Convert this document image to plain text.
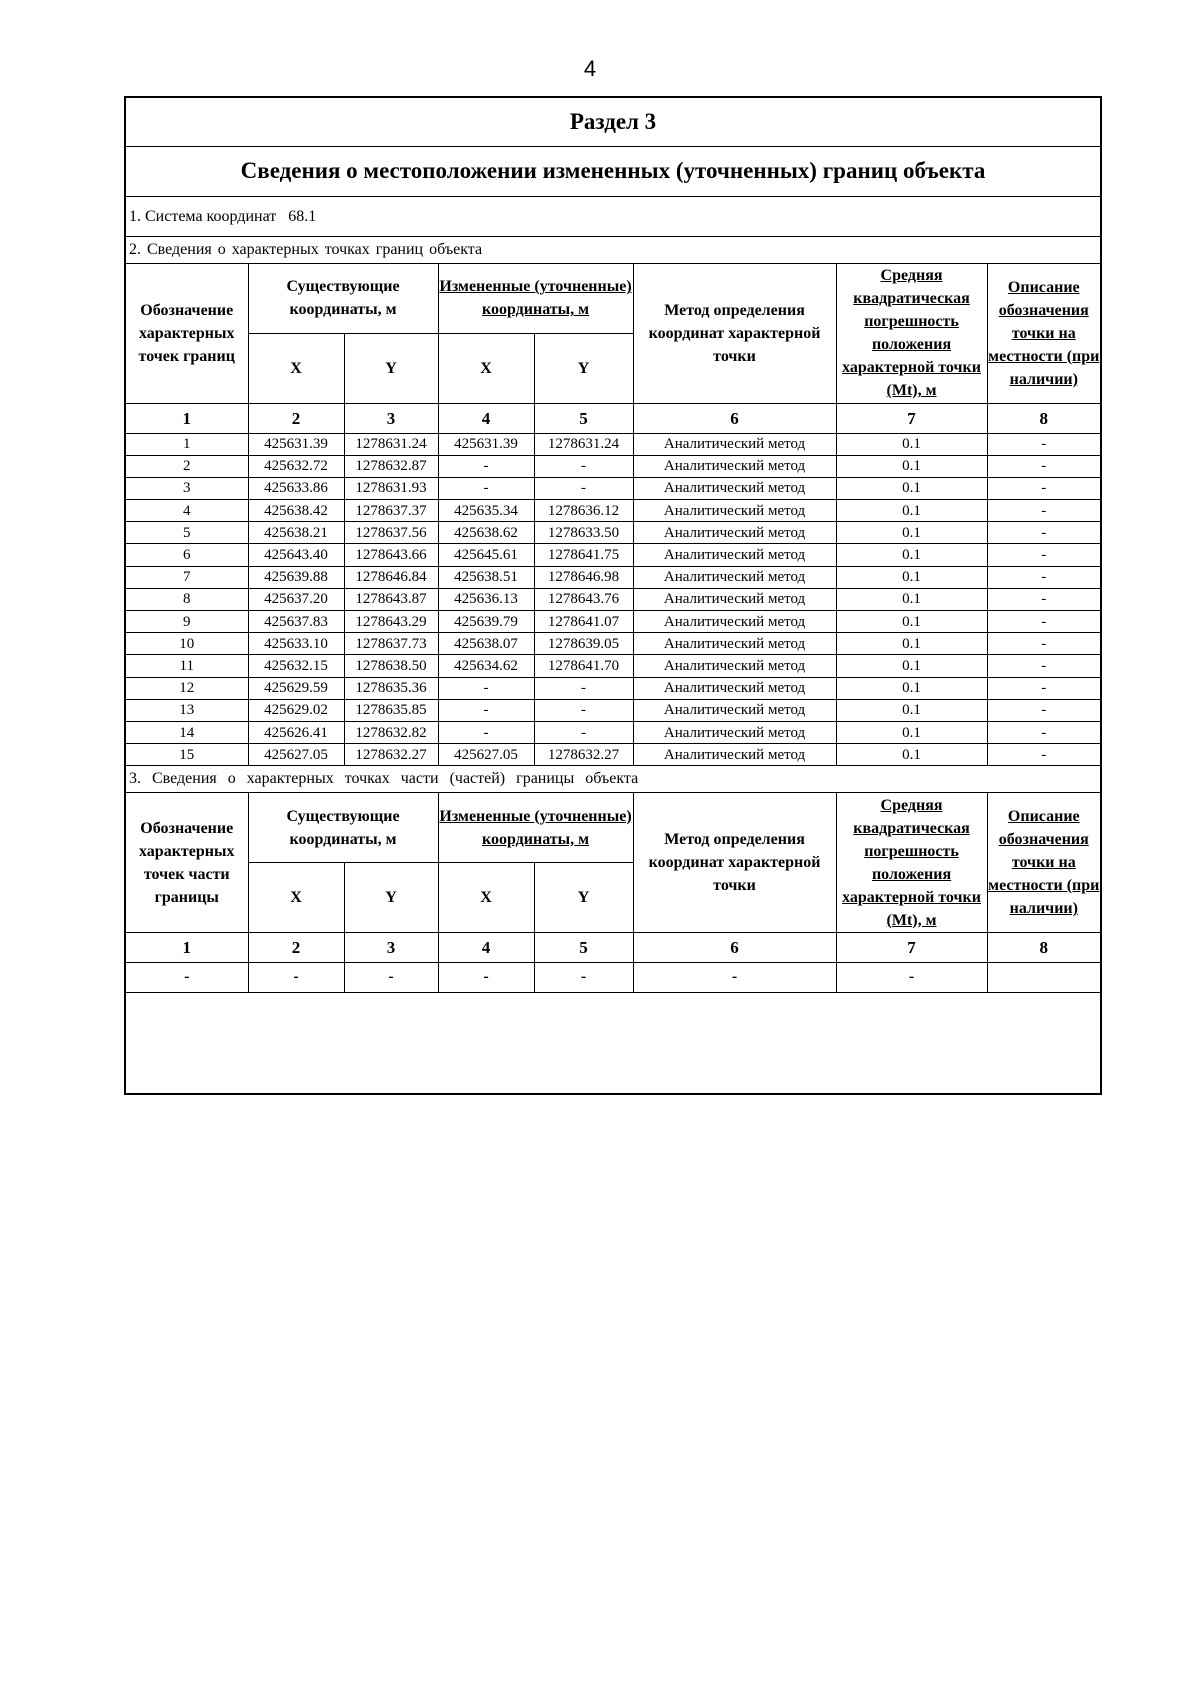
4
Раздел 3
Сведения о местоположении измененных (уточненных) границ объекта
1. Система координат 68.1
2. Сведения о характерных точках границ объекта
Обозначение характерных точек границ	Существующие координаты, м		Измененные (уточненные) координаты, м		Метод определения координат характерной точки	Средняя квадратическая погрешность положения характерной точки (Mt), м	Описание обозначения точки на местности (при наличии)
	X	Y	X	Y			
1	2	3	4	5	6	7	8
1	425631.39	1278631.24	425631.39	1278631.24	Аналитический метод	0.1	-
2	425632.72	1278632.87	-	-	Аналитический метод	0.1	-
3	425633.86	1278631.93	-	-	Аналитический метод	0.1	-
4	425638.42	1278637.37	425635.34	1278636.12	Аналитический метод	0.1	-
5	425638.21	1278637.56	425638.62	1278633.50	Аналитический метод	0.1	-
6	425643.40	1278643.66	425645.61	1278641.75	Аналитический метод	0.1	-
7	425639.88	1278646.84	425638.51	1278646.98	Аналитический метод	0.1	-
8	425637.20	1278643.87	425636.13	1278643.76	Аналитический метод	0.1	-
9	425637.83	1278643.29	425639.79	1278641.07	Аналитический метод	0.1	-
10	425633.10	1278637.73	425638.07	1278639.05	Аналитический метод	0.1	-
11	425632.15	1278638.50	425634.62	1278641.70	Аналитический метод	0.1	-
12	425629.59	1278635.36	-	-	Аналитический метод	0.1	-
13	425629.02	1278635.85	-	-	Аналитический метод	0.1	-
14	425626.41	1278632.82	-	-	Аналитический метод	0.1	-
15	425627.05	1278632.27	425627.05	1278632.27	Аналитический метод	0.1	-
3. Сведения о характерных точках части (частей) границы объекта
Обозначение характерных точек части границы	Существующие координаты, м		Измененные (уточненные) координаты, м		Метод определения координат характерной точки	Средняя квадратическая погрешность положения характерной точки (Mt), м	Описание обозначения точки на местности (при наличии)
	X	Y	X	Y			
1	2	3	4	5	6	7	8
-	-	-	-	-	-	-	
